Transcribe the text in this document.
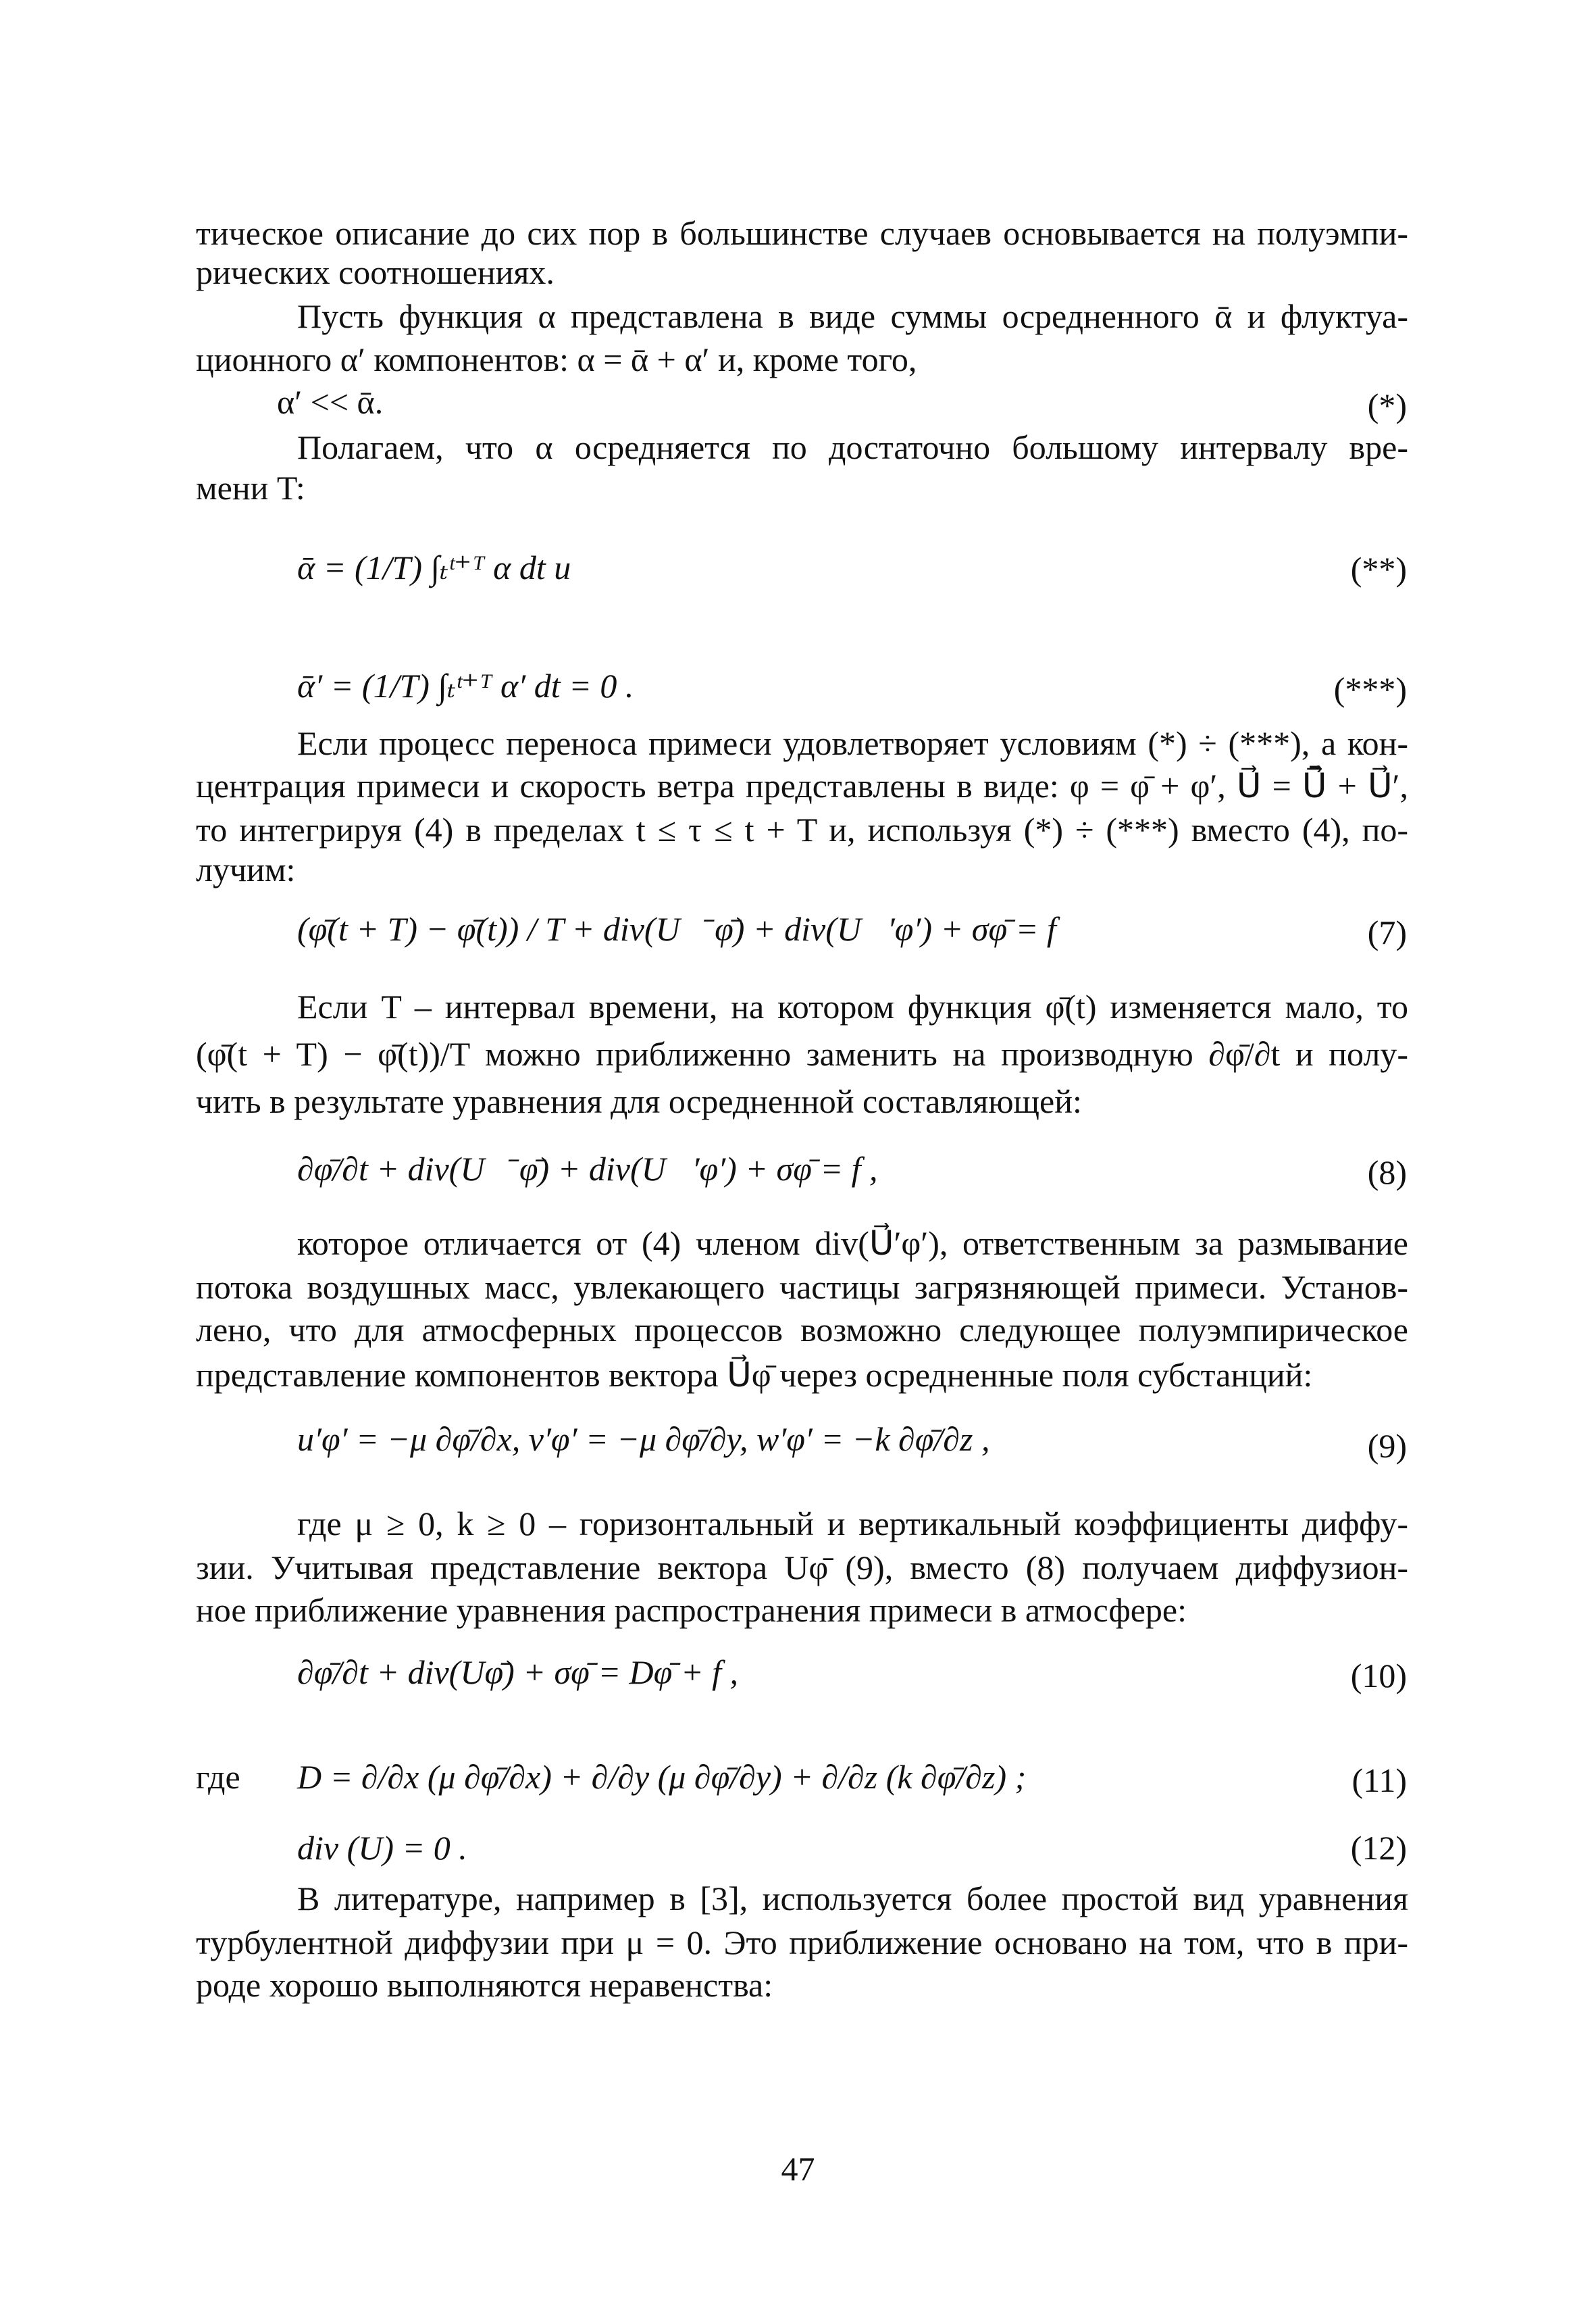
тическое описание до сих пор в большинстве случаев основывается на полуэмпи-
рических соотношениях.
Пусть функция α представлена в виде суммы осредненного ᾱ и флуктуа-
ционного α′ компонентов: α = ᾱ + α′ и, кроме того,
α′ << ᾱ.	(*)
Полагаем, что α осредняется по достаточно большому интервалу вре-
мени T:
ᾱ = (1/T) ∫ₜᵗ⁺ᵀ α dt и	(**)
ᾱ′ = (1/T) ∫ₜᵗ⁺ᵀ α′ dt = 0 .	(***)
Если процесс переноса примеси удовлетворяет условиям (*) ÷ (***), а кон-
центрация примеси и скорость ветра представлены в виде: φ = φ̄ + φ′, U⃗ = U⃗̄ + U⃗′,
то интегрируя (4) в пределах t ≤ τ ≤ t + T и, используя (*) ÷ (***) вместо (4), по-
лучим:
(φ̄(t + T) − φ̄(t)) / T + div(U⃗̄ φ̄) + div(U⃗′φ′) + σφ̄ = f	(7)
Если T – интервал времени, на котором функция φ̄(t) изменяется мало, то
(φ̄(t + T) − φ̄(t))/T можно приближенно заменить на производную ∂φ̄/∂t и полу-
чить в результате уравнения для осредненной составляющей:
∂φ̄/∂t + div(U⃗̄ φ̄) + div(U⃗′φ′) + σφ̄ = f ,	(8)
которое отличается от (4) членом div(U⃗′φ′), ответственным за размывание
потока воздушных масс, увлекающего частицы загрязняющей примеси. Установ-
лено, что для атмосферных процессов возможно следующее полуэмпирическое
представление компонентов вектора U⃗φ̄ через осредненные поля субстанций:
u′φ′ = −μ ∂φ̄/∂x, v′φ′ = −μ ∂φ̄/∂y, w′φ′ = −k ∂φ̄/∂z ,	(9)
где μ ≥ 0, k ≥ 0 – горизонтальный и вертикальный коэффициенты диффу-
зии. Учитывая представление вектора Uφ̄ (9), вместо (8) получаем диффузион-
ное приближение уравнения распространения примеси в атмосфере:
∂φ̄/∂t + div(Uφ̄) + σφ̄ = Dφ̄ + f ,	(10)
где D = ∂/∂x (μ ∂φ̄/∂x) + ∂/∂y (μ ∂φ̄/∂y) + ∂/∂z (k ∂φ̄/∂z) ;	(11)
div (U) = 0 .	(12)
В литературе, например в [3], используется более простой вид уравнения
турбулентной диффузии при μ = 0. Это приближение основано на том, что в при-
роде хорошо выполняются неравенства:
47
